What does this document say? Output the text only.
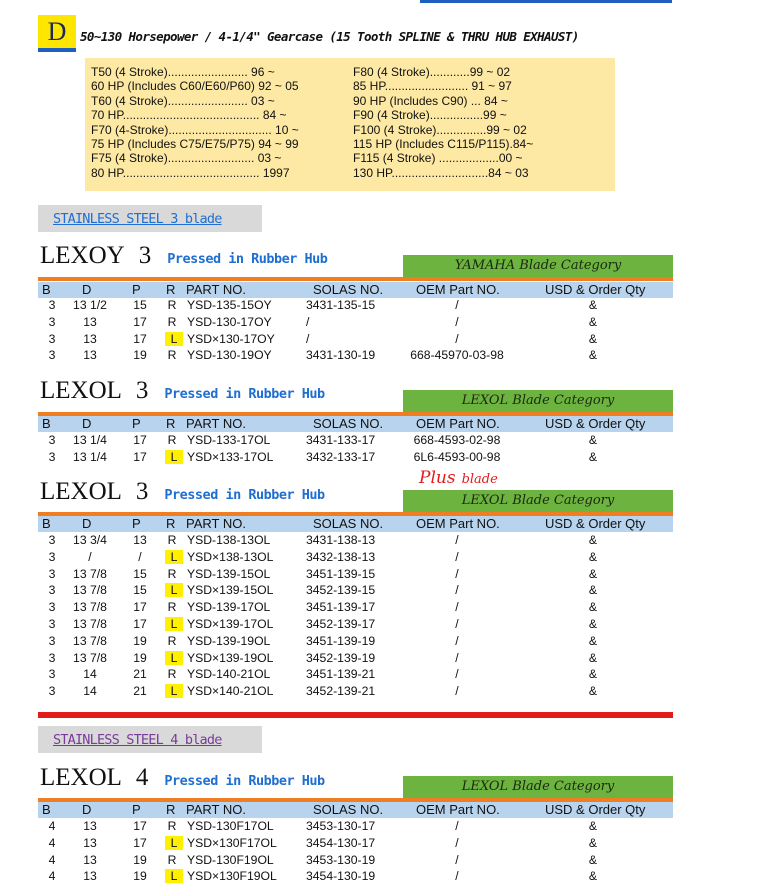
D	50~130 Horsepower / 4-1/4" Gearcase (15 Tooth SPLINE & THRU HUB EXHAUST)
T50 (4 Stroke)........................ 96 ~
60 HP (Includes C60/E60/P60) 92 ~ 05
T60 (4 Stroke)........................ 03 ~
70 HP......................................... 84 ~
F70 (4-Stroke)............................... 10 ~
75 HP (Includes C75/E75/P75) 94 ~ 99
F75 (4 Stroke).......................... 03 ~
80 HP......................................... 1997
F80 (4 Stroke)............99 ~ 02
85 HP......................... 91 ~ 97
90 HP (Includes C90) ... 84 ~
F90 (4 Stroke)................99 ~
F100 (4 Stroke)...............99 ~ 02
115 HP (Includes C115/P115).84~
F115 (4 Stroke) ..................00 ~
130 HP.............................84 ~ 03
STAINLESS STEEL 3 blade
STAINLESS STEEL 4 blade
Plus blade
LEXOY 3 Pressed in Rubber Hub	YAMAHA Blade Category
B D	P R PART NO.	SOLAS NO.	OEM Part NO.	USD & Order Qty
3	13 1/2	15 R YSD-135-15OY	3431-135-15	/	&
3	13	17 R YSD-130-17OY	/	/	&
3	13	17	L YSD×130-17OY	/	/	&
3	13	19 R YSD-130-19OY	3431-130-19	668-45970-03-98	&
LEXOL 3 Pressed in Rubber Hub	LEXOL Blade Category
B D	P R PART NO.	SOLAS NO.	OEM Part NO.	USD & Order Qty
3	13 1/4	17 R YSD-133-17OL	3431-133-17	668-4593-02-98	&
3	13 1/4	17	L YSD×133-17OL	3432-133-17	6L6-4593-00-98	&
LEXOL 3 Pressed in Rubber Hub	LEXOL Blade Category
B D	P R PART NO.	SOLAS NO.	OEM Part NO.	USD & Order Qty
3	13 3/4	13 R YSD-138-13OL	3431-138-13	/	&
3	/	/	L YSD×138-13OL	3432-138-13	/	&
3	13 7/8	15 R YSD-139-15OL	3451-139-15	/	&
3	13 7/8	15	L YSD×139-15OL	3452-139-15	/	&
3	13 7/8	17 R YSD-139-17OL	3451-139-17	/	&
3	13 7/8	17	L YSD×139-17OL	3452-139-17	/	&
3	13 7/8	19 R YSD-139-19OL	3451-139-19	/	&
3	13 7/8	19	L YSD×139-19OL	3452-139-19	/	&
3	14	21 R YSD-140-21OL	3451-139-21	/	&
3	14	21	L YSD×140-21OL	3452-139-21	/	&
LEXOL 4 Pressed in Rubber Hub	LEXOL Blade Category
B D	P R PART NO.	SOLAS NO.	OEM Part NO.	USD & Order Qty
4	13	17 R YSD-130F17OL	3453-130-17	/	&
4	13	17	L YSD×130F17OL	3454-130-17	/	&
4	13	19 R YSD-130F19OL	3453-130-19	/	&
4	13	19	L YSD×130F19OL	3454-130-19	/	&
